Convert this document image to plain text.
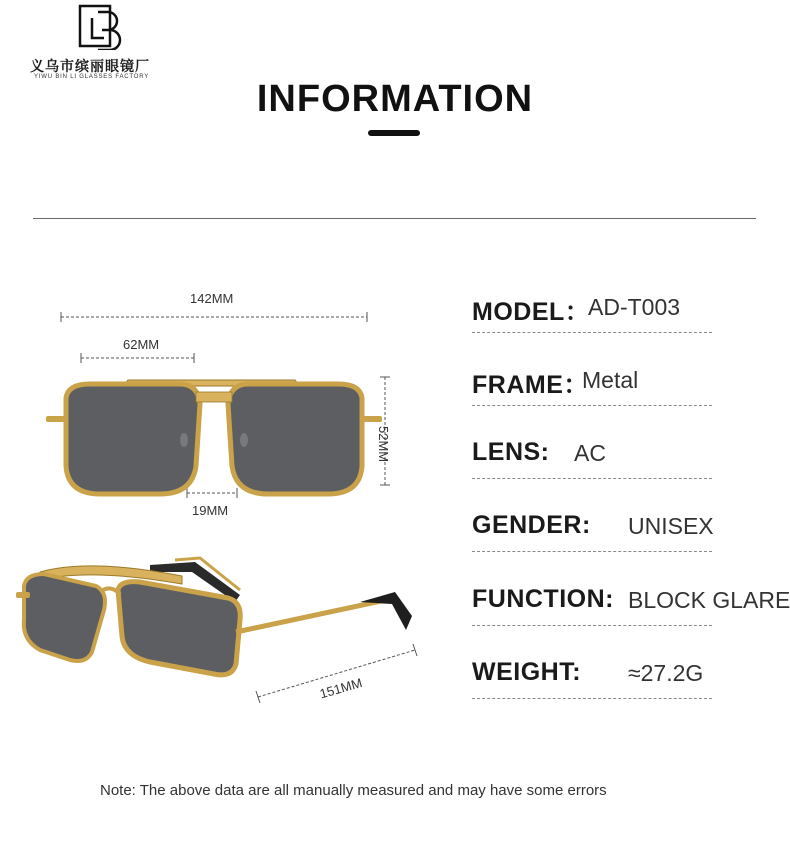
义乌市缤丽眼镜厂
YIWU BIN LI GLASSES FACTORY
INFORMATION
142MM
62MM
19MM
52MM
151MM
MODEL：
AD-T003
FRAME：
Metal
LENS: AC
GENDER: UNISEX
FUNCTION: BLOCK GLARE
WEIGHT: ≈27.2G
Note: The above data are all manually measured and may have some errors
